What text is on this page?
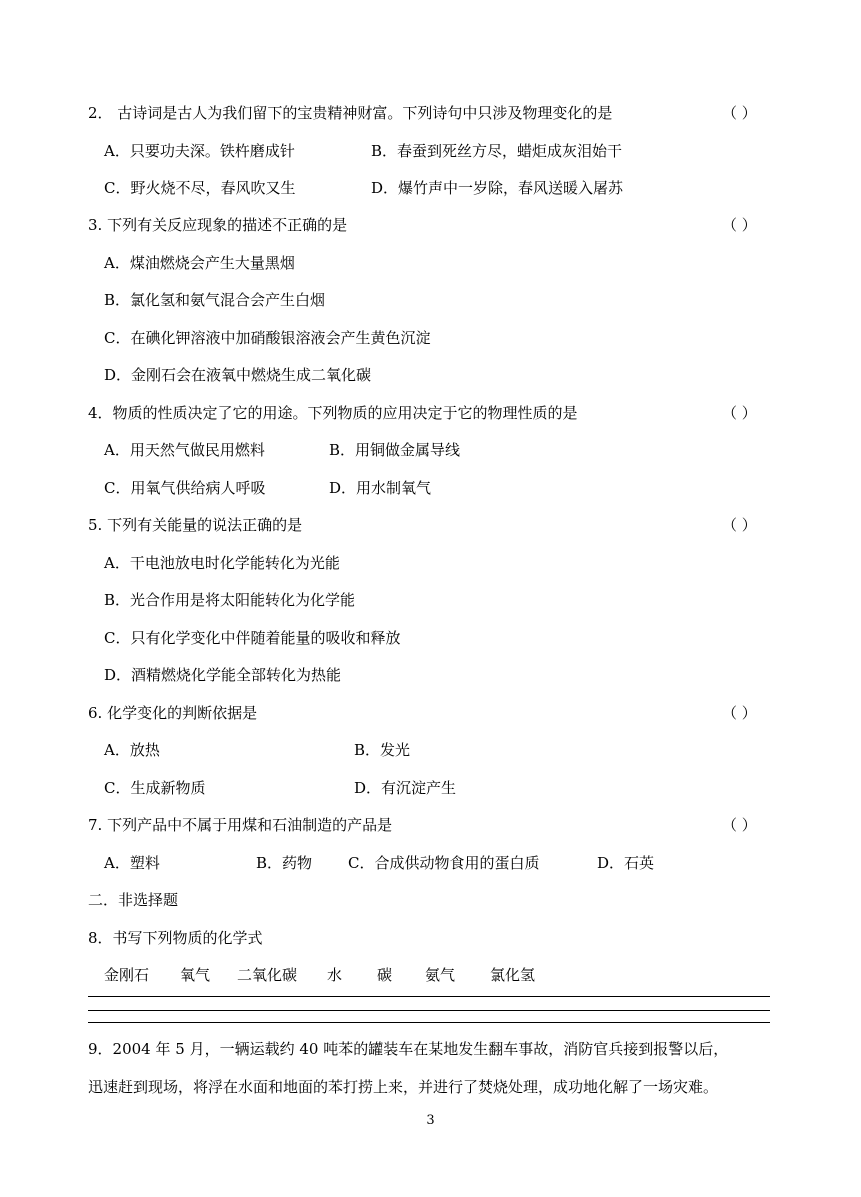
2． 古诗词是古人为我们留下的宝贵精神财富。下列诗句中只涉及物理变化的是	（ ）
A．只要功夫深。铁杵磨成针	B．春蚕到死丝方尽，蜡炬成灰泪始干
C．野火烧不尽，春风吹又生	D．爆竹声中一岁除，春风送暖入屠苏
3. 下列有关反应现象的描述不正确的是	（ ）
A．煤油燃烧会产生大量黑烟
B．氯化氢和氨气混合会产生白烟
C．在碘化钾溶液中加硝酸银溶液会产生黄色沉淀
D．金刚石会在液氧中燃烧生成二氧化碳
4．物质的性质决定了它的用途。下列物质的应用决定于它的物理性质的是	（ ）
A．用天然气做民用燃料	B．用铜做金属导线
C．用氧气供给病人呼吸	D．用水制氧气
5. 下列有关能量的说法正确的是	（ ）
A．干电池放电时化学能转化为光能
B．光合作用是将太阳能转化为化学能
C．只有化学变化中伴随着能量的吸收和释放
D．酒精燃烧化学能全部转化为热能
6. 化学变化的判断依据是	（ ）
A．放热	B．发光
C．生成新物质	D．有沉淀产生
7. 下列产品中不属于用煤和石油制造的产品是	（ ）
A．塑料	B．药物 C．合成供动物食用的蛋白质	D．石英
二．非选择题
8．书写下列物质的化学式
金刚石 氧气 二氧化碳 水 碳 氨气 氯化氢
9．2004 年 5 月，一辆运载约 40 吨苯的罐装车在某地发生翻车事故，消防官兵接到报警以后，
迅速赶到现场，将浮在水面和地面的苯打捞上来，并进行了焚烧处理，成功地化解了一场灾难。
3
